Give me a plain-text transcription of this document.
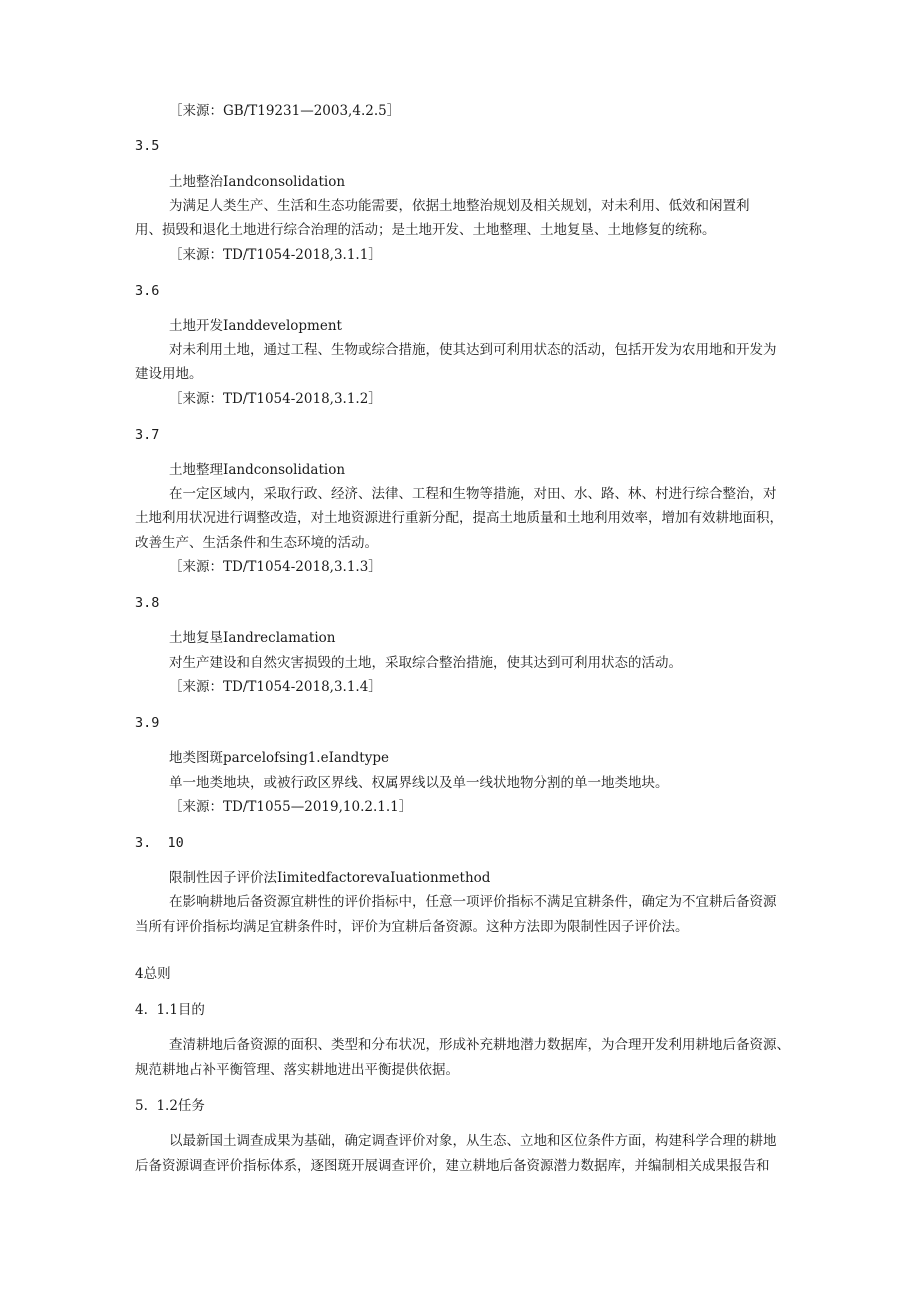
［来源：GB/T19231—2003,4.2.5］

3.5

土地整治Iandconsolidation

为满足人类生产、生活和生态功能需要，依据土地整治规划及相关规划，对未利用、低效和闲置利

用、损毁和退化土地进行综合治理的活动；是土地开发、土地整理、土地复垦、土地修复的统称。

［来源：TD/T1054-2018,3.1.1］

3.6

土地开发Ianddevelopment

对未利用土地，通过工程、生物或综合措施，使其达到可利用状态的活动，包括开发为农用地和开发为

建设用地。

［来源：TD/T1054-2018,3.1.2］

3.7

土地整理Iandconsolidation

在一定区域内，采取行政、经济、法律、工程和生物等措施，对田、水、路、林、村进行综合整治，对

土地利用状况进行调整改造，对土地资源进行重新分配，提高土地质量和土地利用效率，增加有效耕地面积，

改善生产、生活条件和生态环境的活动。

［来源：TD/T1054-2018,3.1.3］

3.8

土地复垦Iandreclamation

对生产建设和自然灾害损毁的土地，采取综合整治措施，使其达到可利用状态的活动。

［来源：TD/T1054-2018,3.1.4］

3.9

地类图斑parcelofsing1.eIandtype

单一地类地块，或被行政区界线、权属界线以及单一线状地物分割的单一地类地块。

［来源：TD/T1055—2019,10.2.1.1］

3.  10

限制性因子评价法IimitedfactorevaIuationmethod

在影响耕地后备资源宜耕性的评价指标中，任意一项评价指标不满足宜耕条件，确定为不宜耕后备资源

当所有评价指标均满足宜耕条件时，评价为宜耕后备资源。这种方法即为限制性因子评价法。

4总则

4.  1.1目的

查清耕地后备资源的面积、类型和分布状况，形成补充耕地潜力数据库，为合理开发利用耕地后备资源、

规范耕地占补平衡管理、落实耕地进出平衡提供依据。

5.  1.2任务

以最新国土调查成果为基础，确定调查评价对象，从生态、立地和区位条件方面，构建科学合理的耕地

后备资源调查评价指标体系，逐图斑开展调查评价，建立耕地后备资源潜力数据库，并编制相关成果报告和
